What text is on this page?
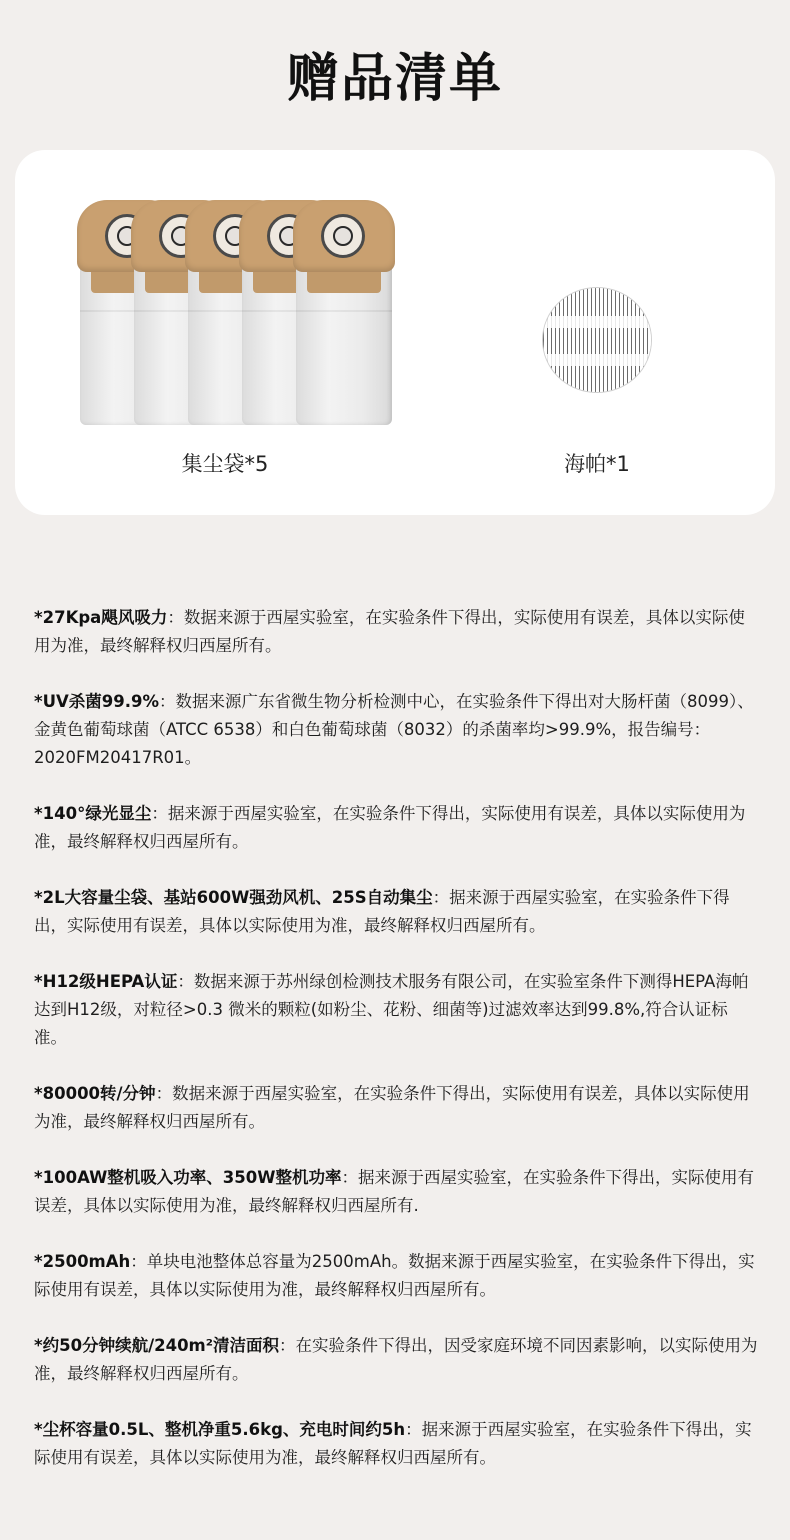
赠品清单
集尘袋*5	海帕*1

*27Kpa飓风吸力：数据来源于西屋实验室，在实验条件下得出，实际使用有误差，具体以实际使用为准，最终解释权归西屋所有。

*UV杀菌99.9%：数据来源广东省微生物分析检测中心，在实验条件下得出对大肠杆菌（8099）、金黄色葡萄球菌（ATCC 6538）和白色葡萄球菌（8032）的杀菌率均>99.9%，报告编号：2020FM20417R01。

*140°绿光显尘：据来源于西屋实验室，在实验条件下得出，实际使用有误差，具体以实际使用为准，最终解释权归西屋所有。

*2L大容量尘袋、基站600W强劲风机、25S自动集尘：据来源于西屋实验室，在实验条件下得出，实际使用有误差，具体以实际使用为准，最终解释权归西屋所有。

*H12级HEPA认证：数据来源于苏州绿创检测技术服务有限公司，在实验室条件下测得HEPA海帕达到H12级，对粒径>0.3 微米的颗粒(如粉尘、花粉、细菌等)过滤效率达到99.8%,符合认证标准。

*80000转/分钟：数据来源于西屋实验室，在实验条件下得出，实际使用有误差，具体以实际使用为准，最终解释权归西屋所有。

*100AW整机吸入功率、350W整机功率：据来源于西屋实验室，在实验条件下得出，实际使用有误差，具体以实际使用为准，最终解释权归西屋所有.

*2500mAh：单块电池整体总容量为2500mAh。数据来源于西屋实验室，在实验条件下得出，实际使用有误差，具体以实际使用为准，最终解释权归西屋所有。

*约50分钟续航/240m²清洁面积：在实验条件下得出，因受家庭环境不同因素影响，以实际使用为准，最终解释权归西屋所有。

*尘杯容量0.5L、整机净重5.6kg、充电时间约5h：据来源于西屋实验室，在实验条件下得出，实际使用有误差，具体以实际使用为准，最终解释权归西屋所有。
